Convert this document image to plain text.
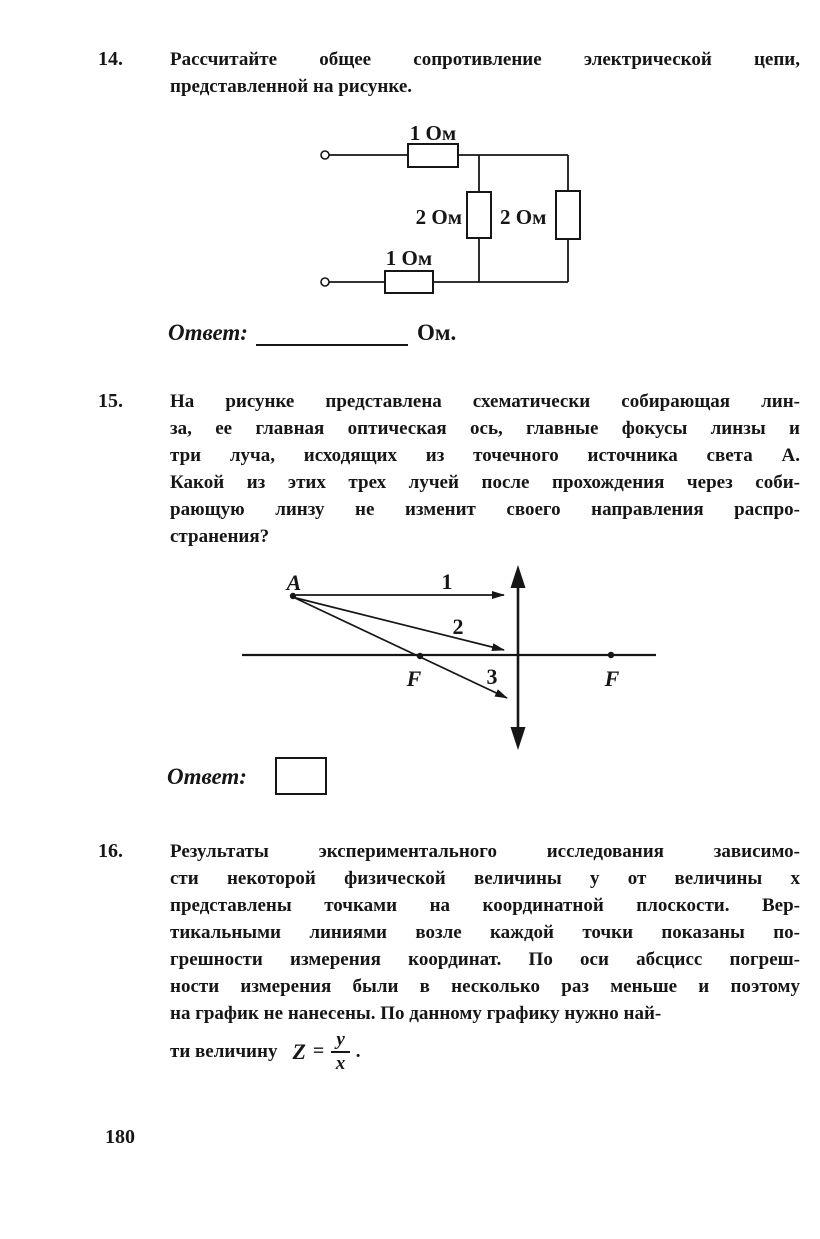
14.	Рассчитайте общее сопротивление электрической цепи,
представленной на рисунке.
1 Ом
2 Ом 2 Ом
1 Ом
Ответ:	Ом.
15.	На рисунке представлена схематически собирающая лин-
за, ее главная оптическая ось, главные фокусы линзы и
три луча, исходящих из точечного источника света A.
Какой из этих трех лучей после прохождения через соби-
рающую линзу не изменит своего направления распро-
странения?
A	1
2
3
F	F
Ответ:
16.	Результаты экспериментального исследования зависимо-
сти некоторой физической величины y от величины x
представлены точками на координатной плоскости. Вер-
тикальными линиями возле каждой точки показаны по-
грешности измерения координат. По оси абсцисс погреш-
ности измерения были в несколько раз меньше и поэтому
на график не нанесены. По данному графику нужно най-
ти величину $Z = \frac{y}{x}$ .
180
